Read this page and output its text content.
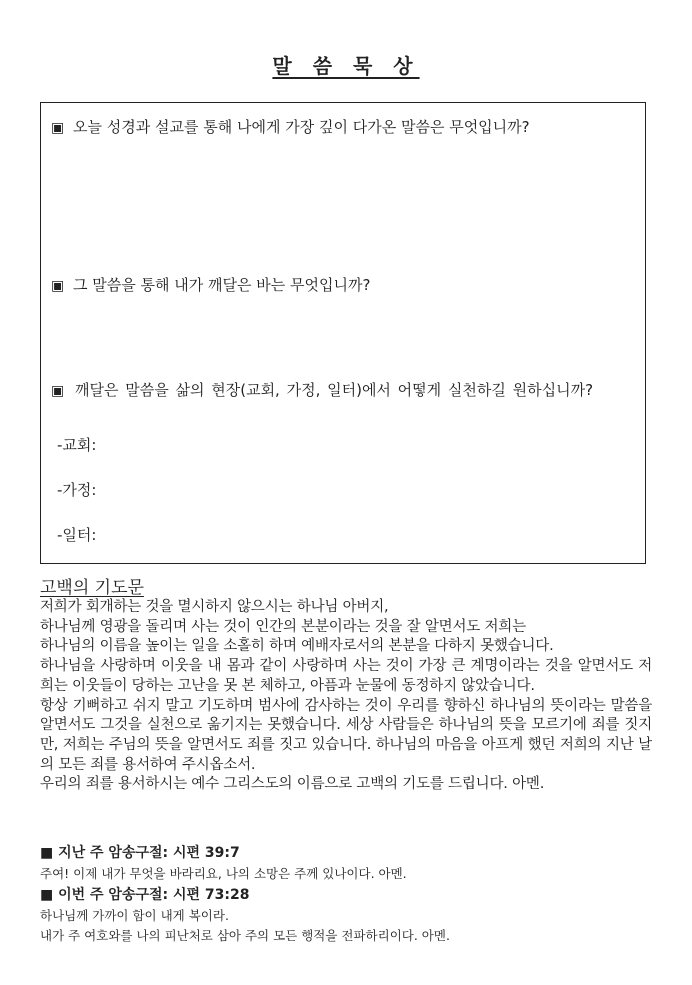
말 씀 묵 상
▣ 오늘 성경과 설교를 통해 나에게 가장 깊이 다가온 말씀은 무엇입니까?
▣ 그 말씀을 통해 내가 깨달은 바는 무엇입니까?
▣ 깨달은 말씀을 삶의 현장(교회, 가정, 일터)에서 어떻게 실천하길 원하십니까?
-교회:
-가정:
-일터:
고백의 기도문

저희가 회개하는 것을 멸시하지 않으시는 하나님 아버지,

하나님께 영광을 돌리며 사는 것이 인간의 본분이라는 것을 잘 알면서도 저희는

하나님의 이름을 높이는 일을 소홀히 하며 예배자로서의 본분을 다하지 못했습니다.

하나님을 사랑하며 이웃을 내 몸과 같이 사랑하며 사는 것이 가장 큰 계명이라는 것을 알면서도 저희는 이웃들이 당하는 고난을 못 본 체하고, 아픔과 눈물에 동정하지 않았습니다.

항상 기뻐하고 쉬지 말고 기도하며 범사에 감사하는 것이 우리를 향하신 하나님의 뜻이라는 말씀을 알면서도 그것을 실천으로 옮기지는 못했습니다. 세상 사람들은 하나님의 뜻을 모르기에 죄를 짓지만, 저희는 주님의 뜻을 알면서도 죄를 짓고 있습니다. 하나님의 마음을 아프게 했던 저희의 지난 날의 모든 죄를 용서하여 주시옵소서.

우리의 죄를 용서하시는 예수 그리스도의 이름으로 고백의 기도를 드립니다. 아멘.

■ 지난 주 암송구절: 시편 39:7
주여! 이제 내가 무엇을 바라리요, 나의 소망은 주께 있나이다. 아멘.
■ 이번 주 암송구절: 시편 73:28
하나님께 가까이 함이 내게 복이라.
내가 주 여호와를 나의 피난처로 삼아 주의 모든 행적을 전파하리이다. 아멘.
